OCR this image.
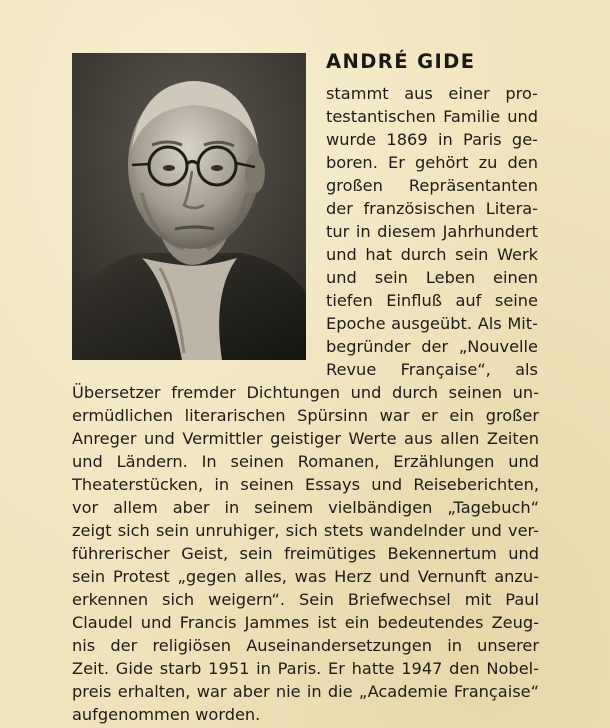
ANDRÉ GIDE
stammt aus einer pro-
testantischen Familie und
wurde 1869 in Paris ge-
boren. Er gehört zu den
großen Repräsentanten
der französischen Litera-
tur in diesem Jahrhundert
und hat durch sein Werk
und sein Leben einen
tiefen Einfluß auf seine
Epoche ausgeübt. Als Mit-
begründer der „Nouvelle
Revue Française“, als
Übersetzer fremder Dichtungen und durch seinen un-
ermüdlichen literarischen Spürsinn war er ein großer
Anreger und Vermittler geistiger Werte aus allen Zeiten
und Ländern. In seinen Romanen, Erzählungen und
Theaterstücken, in seinen Essays und Reiseberichten,
vor allem aber in seinem vielbändigen „Tagebuch“
zeigt sich sein unruhiger, sich stets wandelnder und ver-
führerischer Geist, sein freimütiges Bekennertum und
sein Protest „gegen alles, was Herz und Vernunft anzu-
erkennen sich weigern“. Sein Briefwechsel mit Paul
Claudel und Francis Jammes ist ein bedeutendes Zeug-
nis der religiösen Auseinandersetzungen in unserer
Zeit. Gide starb 1951 in Paris. Er hatte 1947 den Nobel-
preis erhalten, war aber nie in die „Academie Française“
aufgenommen worden.
